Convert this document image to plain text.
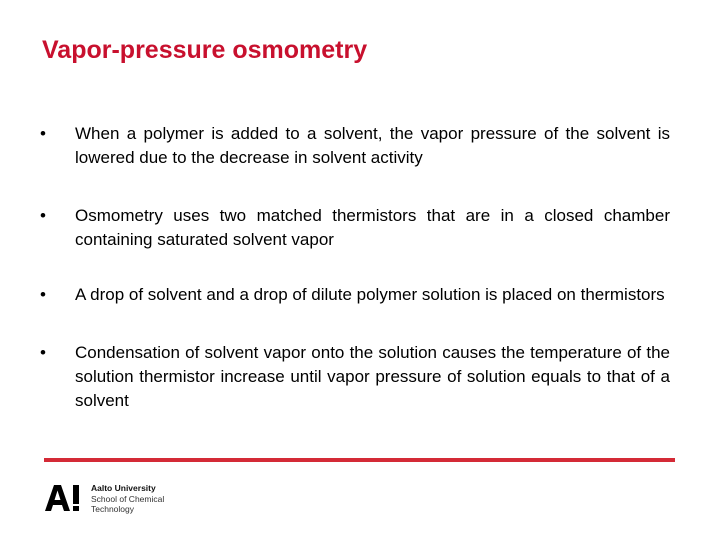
Vapor-pressure osmometry
•	When a polymer is added to a solvent, the vapor pressure of the solvent is lowered due to the decrease in solvent activity
•	Osmometry uses two matched thermistors that are in a closed chamber containing saturated solvent vapor
•	A drop of solvent and a drop of dilute polymer solution is placed on thermistors
•	Condensation of solvent vapor onto the solution causes the temperature of the solution thermistor increase until vapor pressure of solution equals to that of a solvent
Aalto University
School of Chemical
Technology
